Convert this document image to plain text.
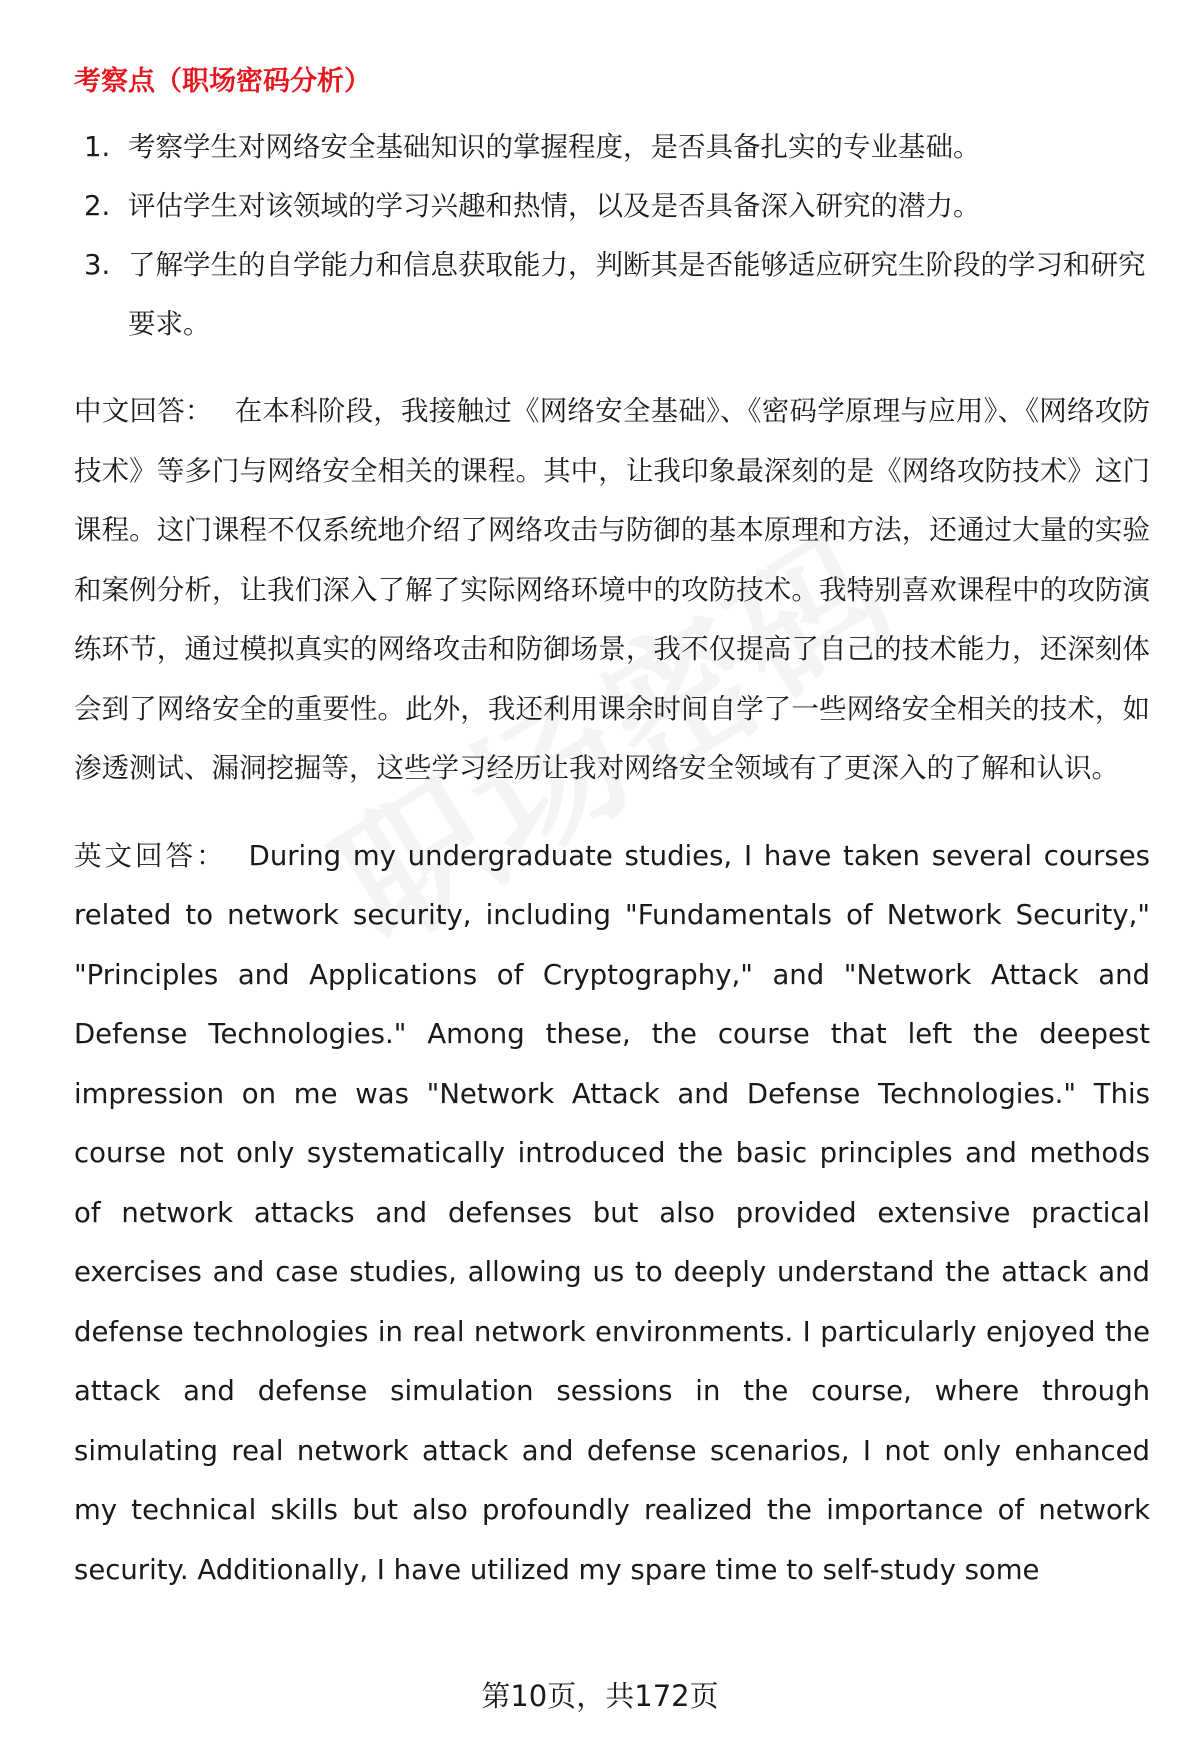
考察点（职场密码分析）
1. 考察学生对网络安全基础知识的掌握程度，是否具备扎实的专业基础。
2. 评估学生对该领域的学习兴趣和热情，以及是否具备深入研究的潜力。
3. 了解学生的自学能力和信息获取能力，判断其是否能够适应研究生阶段的学习和研究要求。

中文回答： 在本科阶段，我接触过《网络安全基础》、《密码学原理与应用》、《网络攻防技术》等多门与网络安全相关的课程。其中，让我印象最深刻的是《网络攻防技术》这门课程。这门课程不仅系统地介绍了网络攻击与防御的基本原理和方法，还通过大量的实验和案例分析，让我们深入了解了实际网络环境中的攻防技术。我特别喜欢课程中的攻防演练环节，通过模拟真实的网络攻击和防御场景，我不仅提高了自己的技术能力，还深刻体会到了网络安全的重要性。此外，我还利用课余时间自学了一些网络安全相关的技术，如渗透测试、漏洞挖掘等，这些学习经历让我对网络安全领域有了更深入的了解和认识。

英文回答： During my undergraduate studies, I have taken several courses related to network security, including "Fundamentals of Network Security," "Principles and Applications of Cryptography," and "Network Attack and Defense Technologies." Among these, the course that left the deepest impression on me was "Network Attack and Defense Technologies." This course not only systematically introduced the basic principles and methods of network attacks and defenses but also provided extensive practical exercises and case studies, allowing us to deeply understand the attack and defense technologies in real network environments. I particularly enjoyed the attack and defense simulation sessions in the course, where through simulating real network attack and defense scenarios, I not only enhanced my technical skills but also profoundly realized the importance of network security. Additionally, I have utilized my spare time to self-study some

第10页，共172页
